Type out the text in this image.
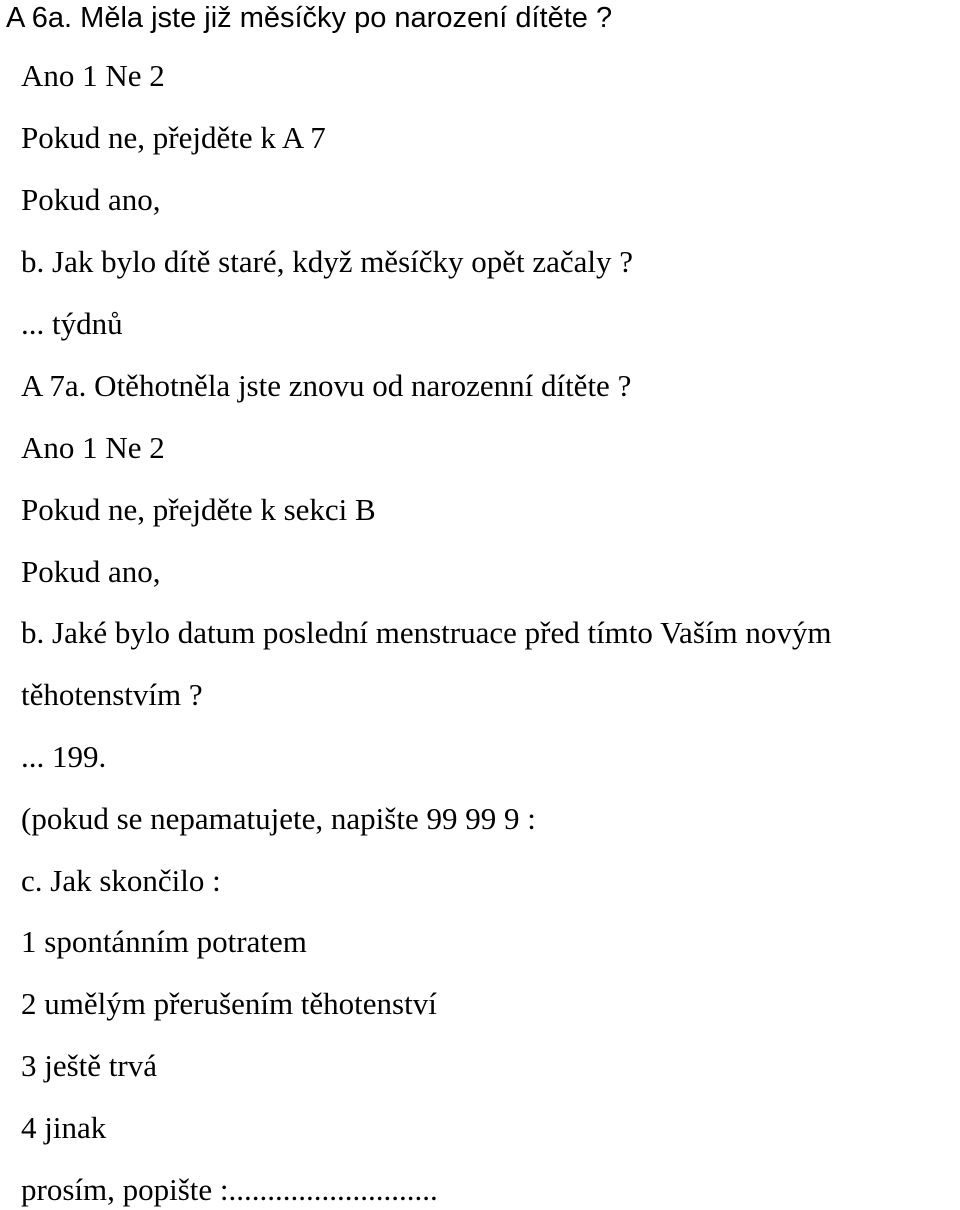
A 6a. Měla jste již měsíčky po narození dítěte ?
Ano 1 Ne 2
Pokud ne, přejděte k A 7
Pokud ano,
b. Jak bylo dítě staré, když měsíčky opět začaly ?
... týdnů
A 7a. Otěhotněla jste znovu od narozenní dítěte ?
Ano 1 Ne 2
Pokud ne, přejděte k sekci B
Pokud ano,
b. Jaké bylo datum poslední menstruace před tímto Vaším novým
těhotenstvím ?
... 199.
(pokud se nepamatujete, napište 99 99 9 :
c. Jak skončilo :
1 spontánním potratem
2 umělým přerušením těhotenství
3 ještě trvá
4 jinak
prosím, popište :...........................
